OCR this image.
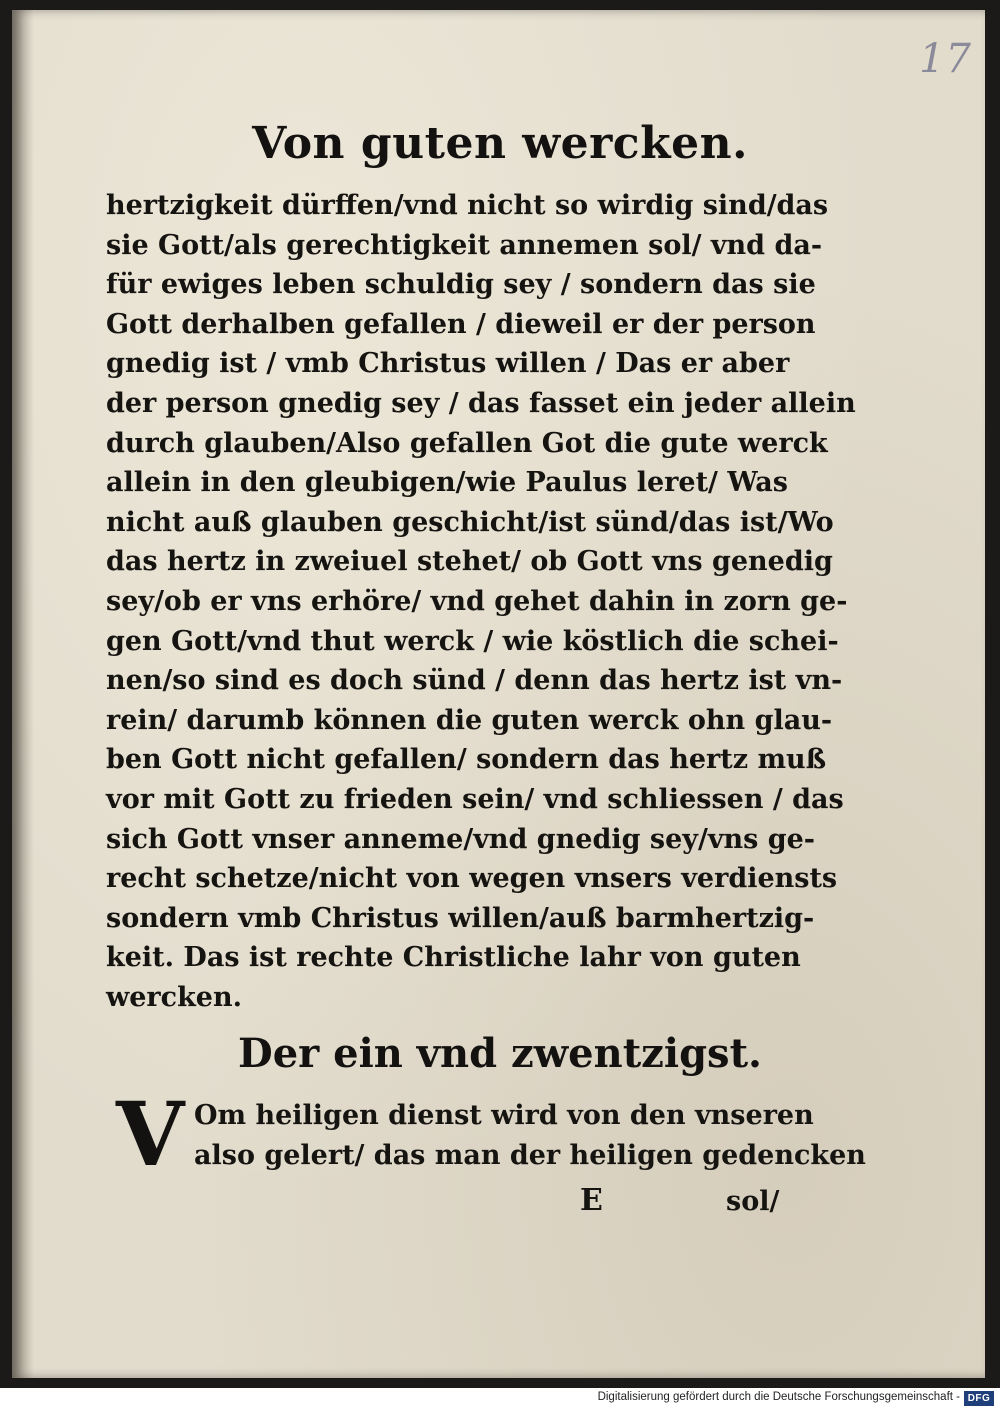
17
Von guten wercken.
hertzigkeit dürffen/vnd nicht so wirdig sind/das
sie Gott/als gerechtigkeit annemen sol/ vnd da-
für ewiges leben schuldig sey / sondern das sie
Gott derhalben gefallen / dieweil er der person
gnedig ist / vmb Christus willen / Das er aber
der person gnedig sey / das fasset ein jeder allein
durch glauben/Also gefallen Got die gute werck
allein in den gleubigen/wie Paulus leret/ Was
nicht auß glauben geschicht/ist sünd/das ist/Wo
das hertz in zweiuel stehet/ ob Gott vns genedig
sey/ob er vns erhöre/ vnd gehet dahin in zorn ge-
gen Gott/vnd thut werck / wie köstlich die schei-
nen/so sind es doch sünd / denn das hertz ist vn-
rein/ darumb können die guten werck ohn glau-
ben Gott nicht gefallen/ sondern das hertz muß
vor mit Gott zu frieden sein/ vnd schliessen / das
sich Gott vnser anneme/vnd gnedig sey/vns ge-
recht schetze/nicht von wegen vnsers verdiensts
sondern vmb Christus willen/auß barmhertzig-
keit. Das ist rechte Christliche lahr von guten
wercken.
Der ein vnd zwentzigst.
V Om heiligen dienst wird von den vnseren
also gelert/ das man der heiligen gedencken
E	sol/
Digitalisierung gefördert durch die Deutsche Forschungsgemeinschaft - DFG
